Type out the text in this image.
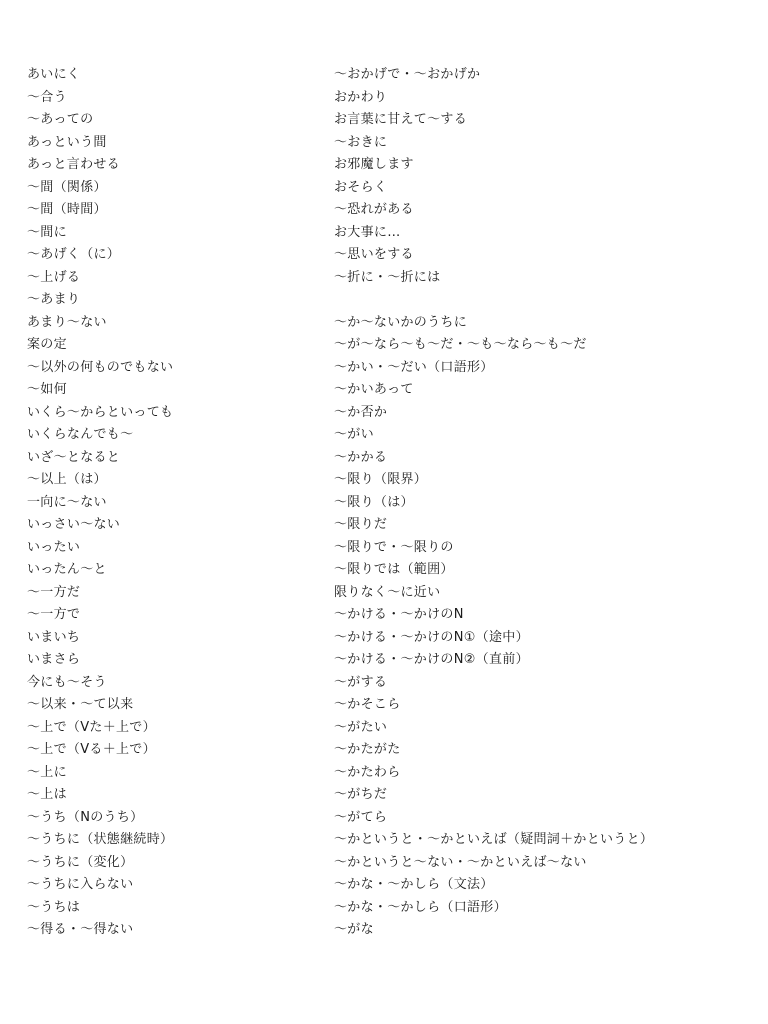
あいにく
〜合う
〜あっての
あっという間
あっと言わせる
〜間（関係）
〜間（時間）
〜間に
〜あげく（に）
〜上げる
〜あまり
あまり〜ない
案の定
〜以外の何ものでもない
〜如何
いくら〜からといっても
いくらなんでも〜
いざ〜となると
〜以上（は）
一向に〜ない
いっさい〜ない
いったい
いったん〜と
〜一方だ
〜一方で
いまいち
いまさら
今にも〜そう
〜以来・〜て以来
〜上で（Vた＋上で）
〜上で（Vる＋上で）
〜上に
〜上は
〜うち（Nのうち）
〜うちに（状態継続時）
〜うちに（変化）
〜うちに入らない
〜うちは
〜得る・〜得ない
〜おかげで・〜おかげか
おかわり
お言葉に甘えて〜する
〜おきに
お邪魔します
おそらく
〜恐れがある
お大事に…
〜思いをする
〜折に・〜折には
〜か〜ないかのうちに
〜が〜なら〜も〜だ・〜も〜なら〜も〜だ
〜かい・〜だい（口語形）
〜かいあって
〜か否か
〜がい
〜かかる
〜限り（限界）
〜限り（は）
〜限りだ
〜限りで・〜限りの
〜限りでは（範囲）
限りなく〜に近い
〜かける・〜かけのN
〜かける・〜かけのN①（途中）
〜かける・〜かけのN②（直前）
〜がする
〜かそこら
〜がたい
〜かたがた
〜かたわら
〜がちだ
〜がてら
〜かというと・〜かといえば（疑問詞＋かというと）
〜かというと〜ない・〜かといえば〜ない
〜かな・〜かしら（文法）
〜かな・〜かしら（口語形）
〜がな
